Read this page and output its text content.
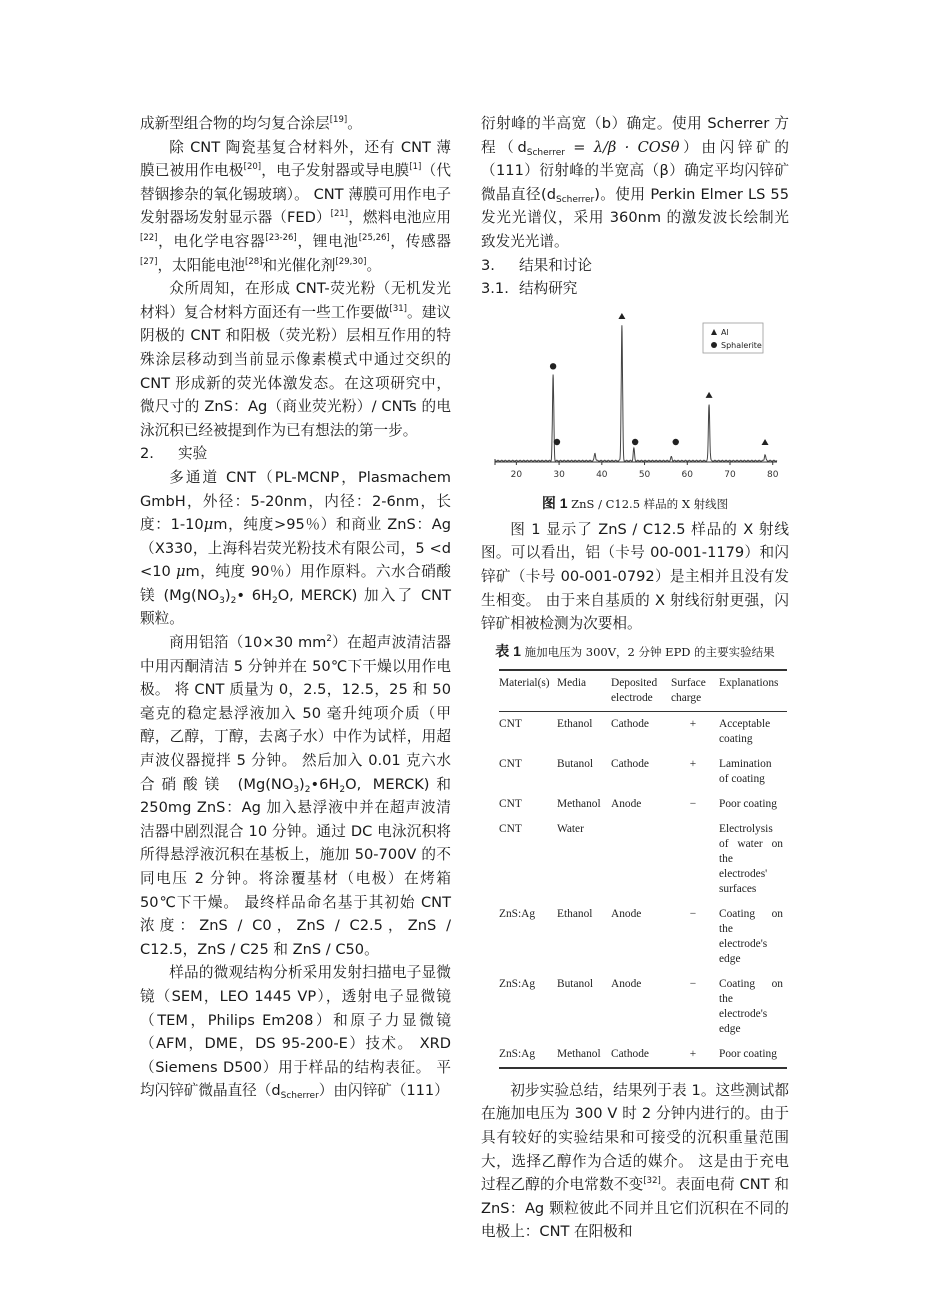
成新型组合物的均匀复合涂层[19]。

除 CNT 陶瓷基复合材料外，还有 CNT 薄膜已被用作电极[20]，电子发射器或导电膜[1]（代替铟掺杂的氧化锡玻璃）。 CNT 薄膜可用作电子发射器场发射显示器（FED）[21]，燃料电池应用[22]，电化学电容器[23-26]，锂电池[25,26]，传感器[27]，太阳能电池[28]和光催化剂[29,30]。

众所周知，在形成 CNT-荧光粉（无机发光材料）复合材料方面还有一些工作要做[31]。建议阴极的 CNT 和阳极（荧光粉）层相互作用的特殊涂层移动到当前显示像素模式中通过交织的 CNT 形成新的荧光体激发态。在这项研究中，微尺寸的 ZnS：Ag（商业荧光粉）/ CNTs 的电泳沉积已经被提到作为已有想法的第一步。

2. 实验

多通道 CNT（PL-MCNP，Plasmachem GmbH，外径：5-20nm，内径：2-6nm，长度：1-10μm，纯度>95％）和商业 ZnS：Ag（X330，上海科岩荧光粉技术有限公司，5 <d <10 μm，纯度 90％）用作原料。六水合硝酸镁 ($Mg(NO_3)_2•$ $6H_2O$, MERCK) 加入了 CNT 颗粒。

商用铝箔（10×30 $mm^2$）在超声波清洁器中用丙酮清洁 5 分钟并在 50℃下干燥以用作电极。 将 CNT 质量为 0，2.5，12.5，25 和 50 毫克的稳定悬浮液加入 50 毫升纯项介质（甲醇，乙醇，丁醇，去离子水）中作为试样，用超声波仪器搅拌 5 分钟。 然后加入 0.01 克六水合硝酸镁 ($Mg(NO_3)_2•6H_2O$, MERCK)和 250mg ZnS：Ag 加入悬浮液中并在超声波清洁器中剧烈混合 10 分钟。通过 DC 电泳沉积将所得悬浮液沉积在基板上，施加 50-700V 的不同电压 2 分钟。将涂覆基材（电极）在烤箱 50℃下干燥。 最终样品命名基于其初始 CNT 浓度：ZnS / C0，ZnS / C2.5，ZnS / C12.5，ZnS / C25 和 ZnS / C50。

样品的微观结构分析采用发射扫描电子显微镜（SEM，LEO 1445 VP），透射电子显微镜（TEM，Philips Em208）和原子力显微镜（AFM，DME，DS 95-200-E）技术。 XRD（Siemens D500）用于样品的结构表征。 平均闪锌矿微晶直径$(d_{Scherrer})$由闪锌矿（111）

衍射峰的半高宽（b）确定。使用 Scherrer 方程$(d_{Scherrer} = \lambda/\beta \cdot COS\theta)$由闪锌矿的（111）衍射峰的半宽高（β）确定平均闪锌矿微晶直径$(d_{Scherrer})$。使用 Perkin Elmer LS 55 发光光谱仪，采用 360nm 的激发波长绘制光致发光光谱。

3. 结果和讨论

3.1. 结构研究

20	30	40	50	60	70	80
Al
Sphalerite

图 1 ZnS / C12.5 样品的 X 射线图

图 1 显示了 ZnS / C12.5 样品的 X 射线图。可以看出，铝（卡号 00-001-1179）和闪锌矿（卡号 00-001-0792）是主相并且没有发生相变。 由于来自基质的 X 射线衍射更强，闪锌矿相被检测为次要相。

表 1 施加电压为 300V，2 分钟 EPD 的主要实验结果

Material(s)	Media	Deposited electrode	Surface charge	Explanations
CNT	Ethanol	Cathode	+	Acceptable coating
CNT	Butanol	Cathode	+	Lamination of coating
CNT	Methanol	Anode	−	Poor coating
CNT	Water			Electrolysis of water on the electrodes' surfaces
ZnS:Ag	Ethanol	Anode	−	Coating on the electrode's edge
ZnS:Ag	Butanol	Anode	−	Coating on the electrode's edge
ZnS:Ag	Methanol	Cathode	+	Poor coating

初步实验总结，结果列于表 1。这些测试都在施加电压为 300 V 时 2 分钟内进行的。由于具有较好的实验结果和可接受的沉积重量范围大，选择乙醇作为合适的媒介。 这是由于充电过程乙醇的介电常数不变[32]。表面电荷 CNT 和 ZnS：Ag 颗粒彼此不同并且它们沉积在不同的电极上：CNT 在阳极和
